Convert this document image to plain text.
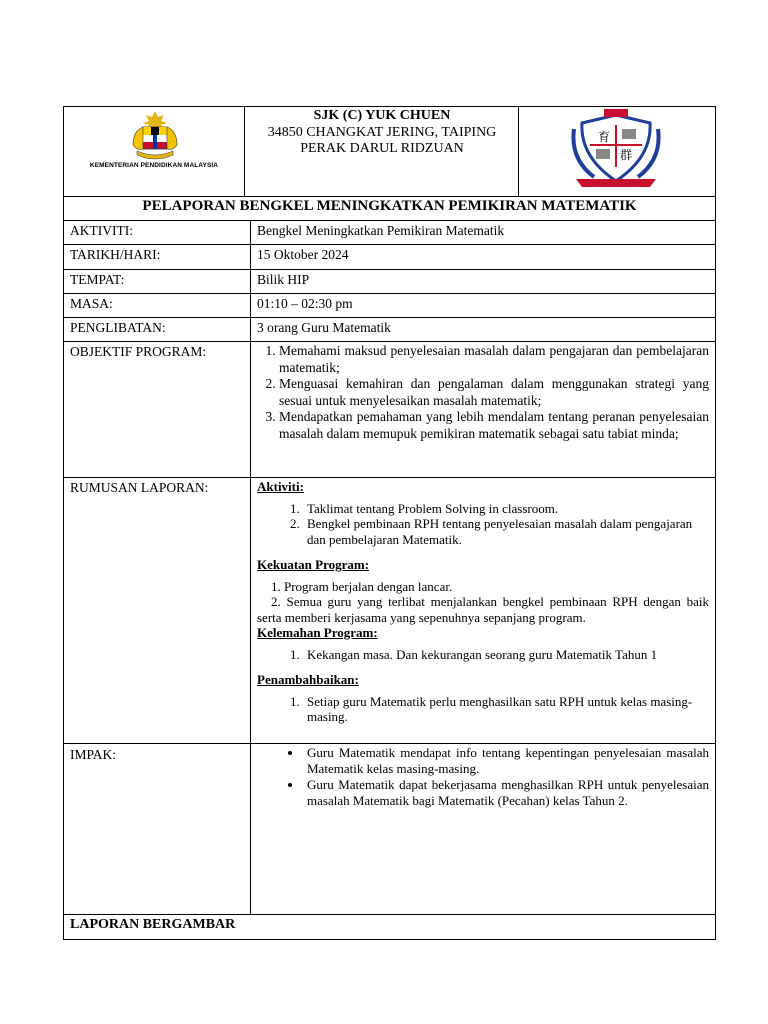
KEMENTERIAN PENDIDIKAN MALAYSIA
SJK (C) YUK CHUEN
34850 CHANGKAT JERING, TAIPING
PERAK DARUL RIDZUAN
育
群
PELAPORAN BENGKEL MENINGKATKAN PEMIKIRAN MATEMATIK
AKTIVITI:	Bengkel Meningkatkan Pemikiran Matematik
TARIKH/HARI:	15 Oktober 2024
TEMPAT:	Bilik HIP
MASA:	01:10 – 02:30 pm
PENGLIBATAN:	3 orang Guru Matematik
OBJEKTIF PROGRAM:	1. Memahami maksud penyelesaian masalah dalam pengajaran dan pembelajaran matematik;
2. Menguasai kemahiran dan pengalaman dalam menggunakan strategi yang sesuai untuk menyelesaikan masalah matematik;
3. Mendapatkan pemahaman yang lebih mendalam tentang peranan penyelesaian masalah dalam memupuk pemikiran matematik sebagai satu tabiat minda;
RUMUSAN LAPORAN:	Aktiviti:
1. Taklimat tentang Problem Solving in classroom.
2. Bengkel pembinaan RPH tentang penyelesaian masalah dalam pengajaran dan pembelajaran Matematik.
Kekuatan Program:
1. Program berjalan dengan lancar.
2. Semua guru yang terlibat menjalankan bengkel pembinaan RPH dengan baik serta memberi kerjasama yang sepenuhnya sepanjang program.
Kelemahan Program:
1. Kekangan masa. Dan kekurangan seorang guru Matematik Tahun 1
Penambahbaikan:
1. Setiap guru Matematik perlu menghasilkan satu RPH untuk kelas masing-masing.
IMPAK:	• Guru Matematik mendapat info tentang kepentingan penyelesaian masalah Matematik kelas masing-masing.
• Guru Matematik dapat bekerjasama menghasilkan RPH untuk penyelesaian masalah Matematik bagi Matematik (Pecahan) kelas Tahun 2.
LAPORAN BERGAMBAR
